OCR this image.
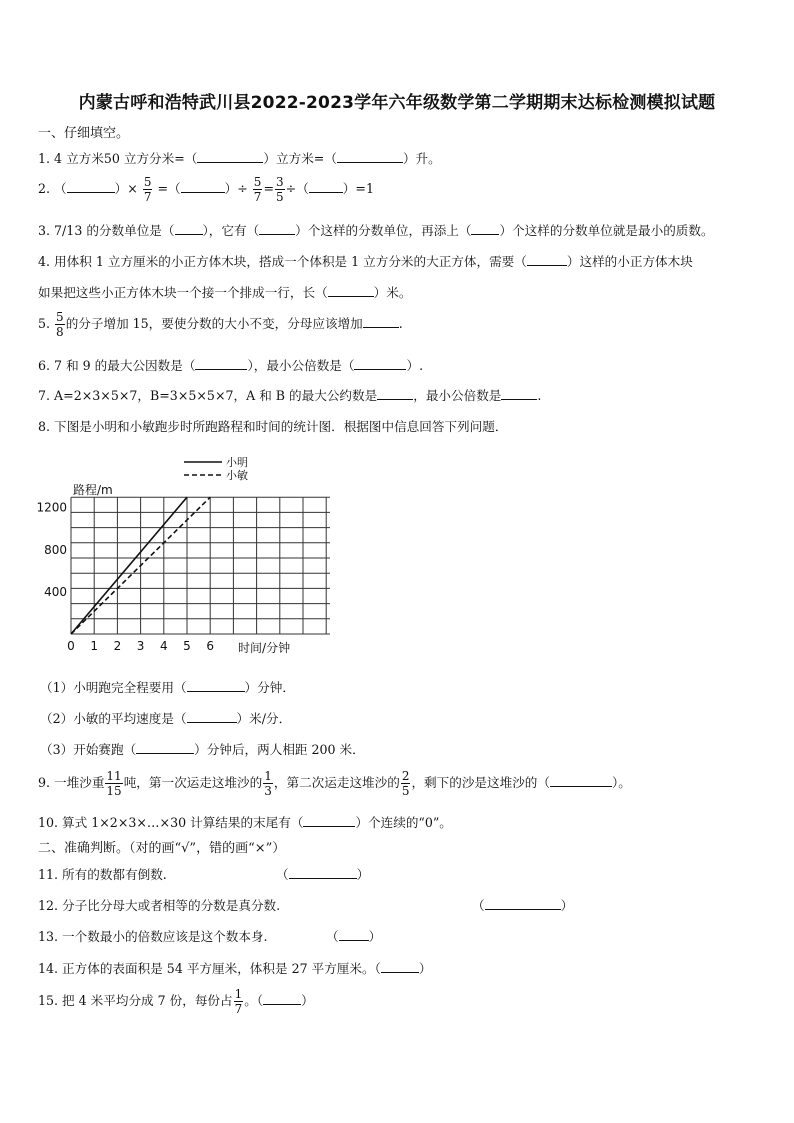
内蒙古呼和浩特武川县2022-2023学年六年级数学第二学期期末达标检测模拟试题
一、仔细填空。
1. 4 立方米50 立方分米=（	）立方米=（	）升。
2. （	）× $\frac{5}{7}$ =（	）÷ $\frac{5}{7} = \frac{3}{5}$ ÷（	）=1
3. 7/13 的分数单位是（ ），它有（	）个这样的分数单位，再添上（ ）个这样的分数单位就是最小的质数。
4. 用体积 1 立方厘米的小正方体木块，搭成一个体积是 1 立方分米的大正方体，需要（	）这样的小正方体木块
如果把这些小正方体木块一个接一个排成一行，长（	）米。
5. $\frac{5}{8}$ 的分子增加 15，要使分数的大小不变，分母应该增加	.
6. 7 和 9 的最大公因数是（	），最小公倍数是（	）.
7. A=2×3×5×7，B=3×5×5×7，A 和 B 的最大公约数是	，最小公倍数是	.
8. 下图是小明和小敏跑步时所跑路程和时间的统计图．根据图中信息回答下列问题．
0 1 2 3 4 5 6
400
800
1200
路程/m
时间/分钟
小明
小敏
（1）小明跑完全程要用（	）分钟．
（2）小敏的平均速度是（	）米/分．
（3）开始赛跑（	）分钟后，两人相距 200 米．
9. 一堆沙重 $\frac{11}{15}$ 吨，第一次运走这堆沙的 $\frac{1}{3}$ ，第二次运走这堆沙的 $\frac{2}{5}$ ，剩下的沙是这堆沙的（	）。
10. 算式 1×2×3×…×30 计算结果的末尾有（	）个连续的“0”。
二、准确判断。（对的画“√”，错的画“×”）
11. 所有的数都有倒数.	（	）
12. 分子比分母大或者相等的分数是真分数.	（	）
13. 一个数最小的倍数应该是这个数本身.	（ ）
14. 正方体的表面积是 54 平方厘米，体积是 27 平方厘米。（	）
15. 把 4 米平均分成 7 份，每份占 $\frac{1}{7}$ 。（	）
